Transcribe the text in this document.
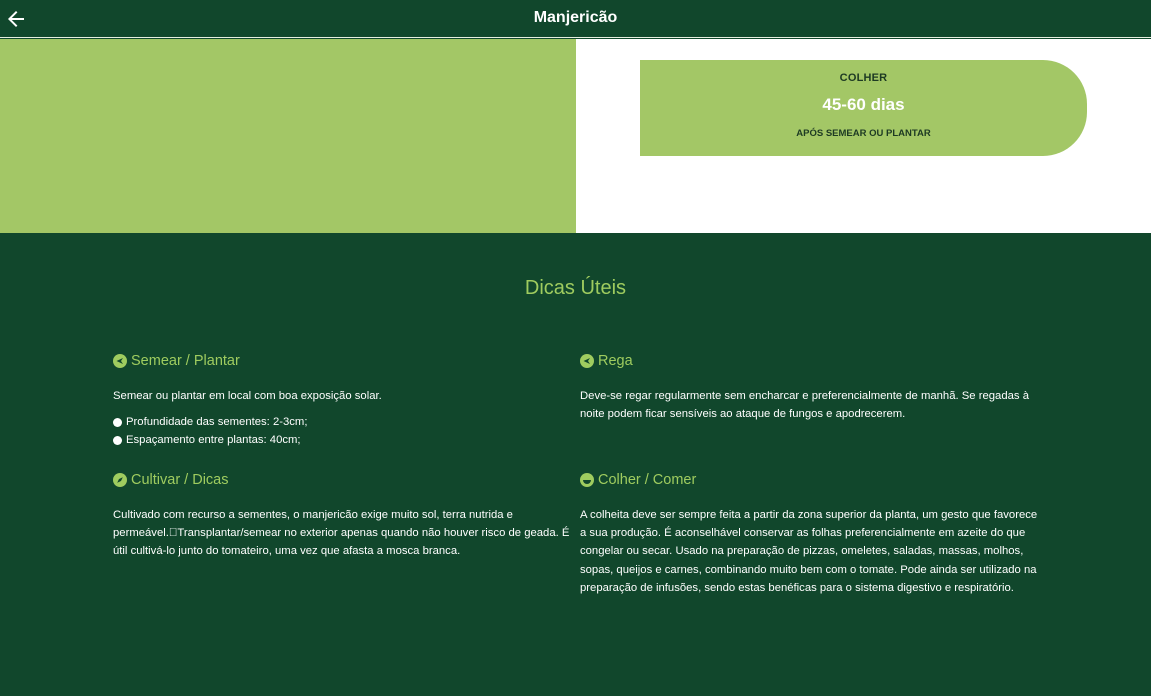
Manjericão
COLHER
45-60 dias
APÓS SEMEAR OU PLANTAR
Dicas Úteis
Semear / Plantar
Semear ou plantar em local com boa exposição solar.
Profundidade das sementes: 2-3cm;
Espaçamento entre plantas: 40cm;
Rega
Deve-se regar regularmente sem encharcar e preferencialmente de manhã. Se regadas à noite podem ficar sensíveis ao ataque de fungos e apodrecerem.
Cultivar / Dicas
Cultivado com recurso a sementes, o manjericão exige muito sol, terra nutrida e permeável. Transplantar/semear no exterior apenas quando não houver risco de geada. É útil cultivá-lo junto do tomateiro, uma vez que afasta a mosca branca.
Colher / Comer
A colheita deve ser sempre feita a partir da zona superior da planta, um gesto que favorece a sua produção. É aconselhável conservar as folhas preferencialmente em azeite do que congelar ou secar. Usado na preparação de pizzas, omeletes, saladas, massas, molhos, sopas, queijos e carnes, combinando muito bem com o tomate. Pode ainda ser utilizado na preparação de infusões, sendo estas benéficas para o sistema digestivo e respiratório.
